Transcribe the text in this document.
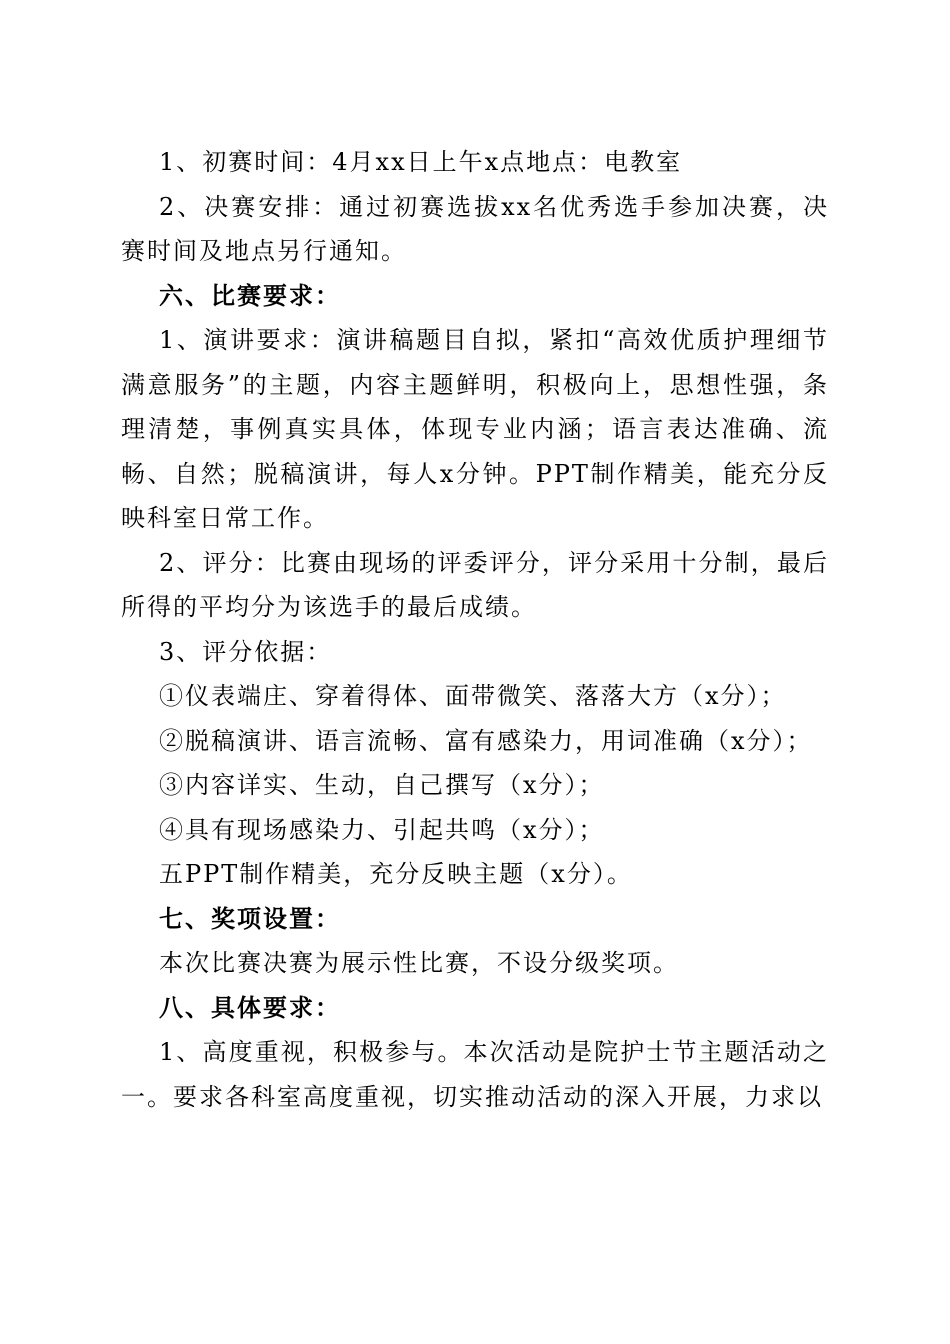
1、初赛时间：4月xx日上午x点地点：电教室

2、决赛安排：通过初赛选拔xx名优秀选手参加决赛，决赛时间及地点另行通知。

六、比赛要求：

1、演讲要求：演讲稿题目自拟，紧扣“高效优质护理细节满意服务”的主题，内容主题鲜明，积极向上，思想性强，条理清楚，事例真实具体，体现专业内涵；语言表达准确、流畅、自然；脱稿演讲，每人x分钟。PPT制作精美，能充分反映科室日常工作。

2、评分：比赛由现场的评委评分，评分采用十分制，最后所得的平均分为该选手的最后成绩。

3、评分依据：

①仪表端庄、穿着得体、面带微笑、落落大方（x分）；

②脱稿演讲、语言流畅、富有感染力，用词准确（x分）；

③内容详实、生动，自己撰写（x分）；

④具有现场感染力、引起共鸣（x分）；

五PPT制作精美，充分反映主题（x分）。

七、奖项设置：

本次比赛决赛为展示性比赛，不设分级奖项。

八、具体要求：

1、高度重视，积极参与。本次活动是院护士节主题活动之一。要求各科室高度重视，切实推动活动的深入开展，力求以
